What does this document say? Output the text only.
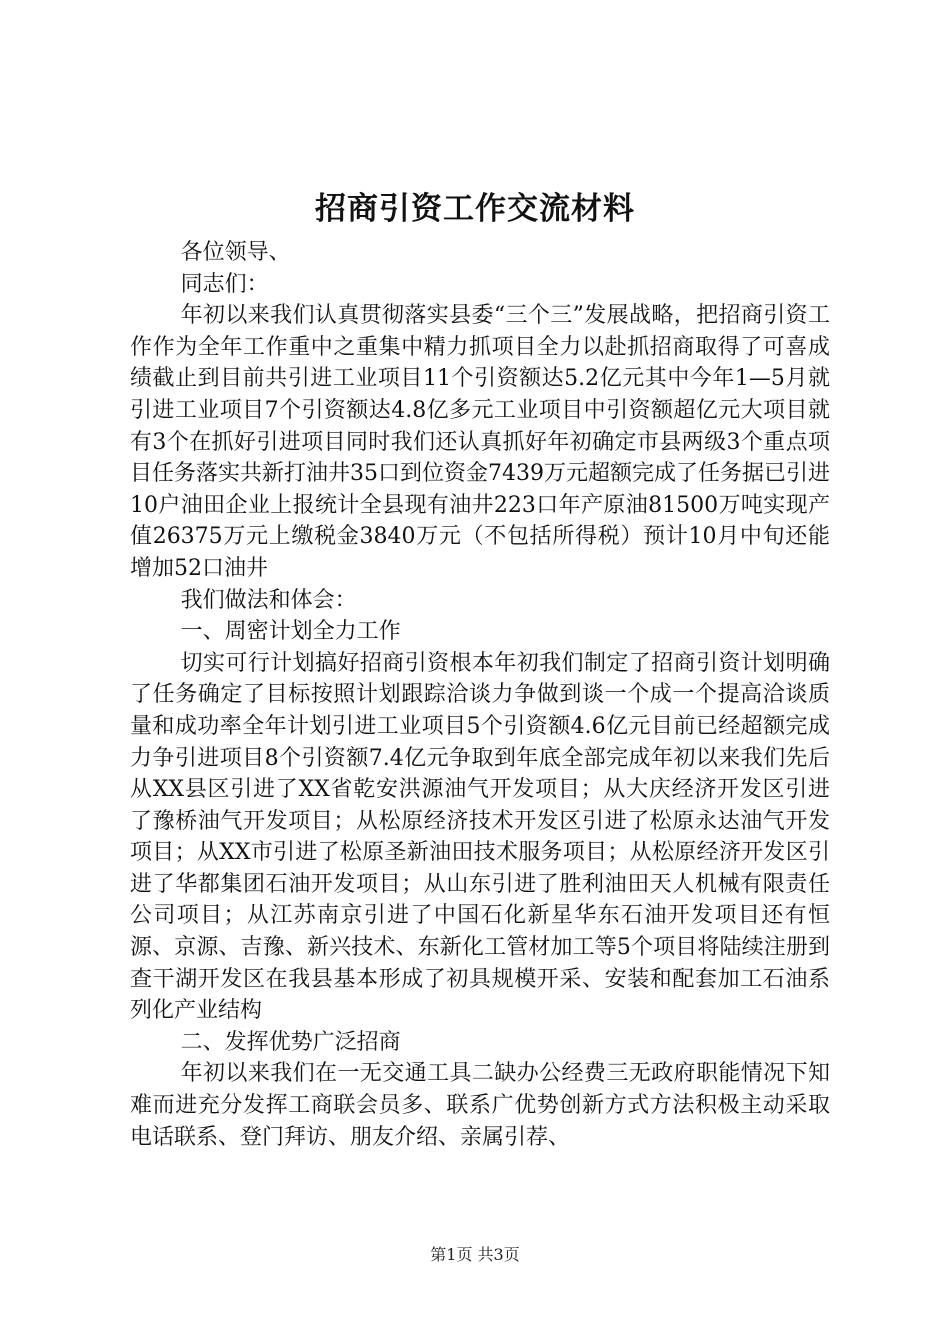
招商引资工作交流材料

各位领导、

同志们：

年初以来我们认真贯彻落实县委“三个三”发展战略，把招商引资工作作为全年工作重中之重集中精力抓项目全力以赴抓招商取得了可喜成绩截止到目前共引进工业项目11个引资额达5.2亿元其中今年1—5月就引进工业项目7个引资额达4.8亿多元工业项目中引资额超亿元大项目就有3个在抓好引进项目同时我们还认真抓好年初确定市县两级3个重点项目任务落实共新打油井35口到位资金7439万元超额完成了任务据已引进10户油田企业上报统计全县现有油井223口年产原油81500万吨实现产值26375万元上缴税金3840万元（不包括所得税）预计10月中旬还能增加52口油井

我们做法和体会：

一、周密计划全力工作

切实可行计划搞好招商引资根本年初我们制定了招商引资计划明确了任务确定了目标按照计划跟踪洽谈力争做到谈一个成一个提高洽谈质量和成功率全年计划引进工业项目5个引资额4.6亿元目前已经超额完成力争引进项目8个引资额7.4亿元争取到年底全部完成年初以来我们先后从XX县区引进了XX省乾安洪源油气开发项目；从大庆经济开发区引进了豫桥油气开发项目；从松原经济技术开发区引进了松原永达油气开发项目；从XX市引进了松原圣新油田技术服务项目；从松原经济开发区引进了华都集团石油开发项目；从山东引进了胜利油田天人机械有限责任公司项目；从江苏南京引进了中国石化新星华东石油开发项目还有恒源、京源、吉豫、新兴技术、东新化工管材加工等5个项目将陆续注册到查干湖开发区在我县基本形成了初具规模开采、安装和配套加工石油系列化产业结构

二、发挥优势广泛招商

年初以来我们在一无交通工具二缺办公经费三无政府职能情况下知难而进充分发挥工商联会员多、联系广优势创新方式方法积极主动采取电话联系、登门拜访、朋友介绍、亲属引荐、

第1页 共3页
